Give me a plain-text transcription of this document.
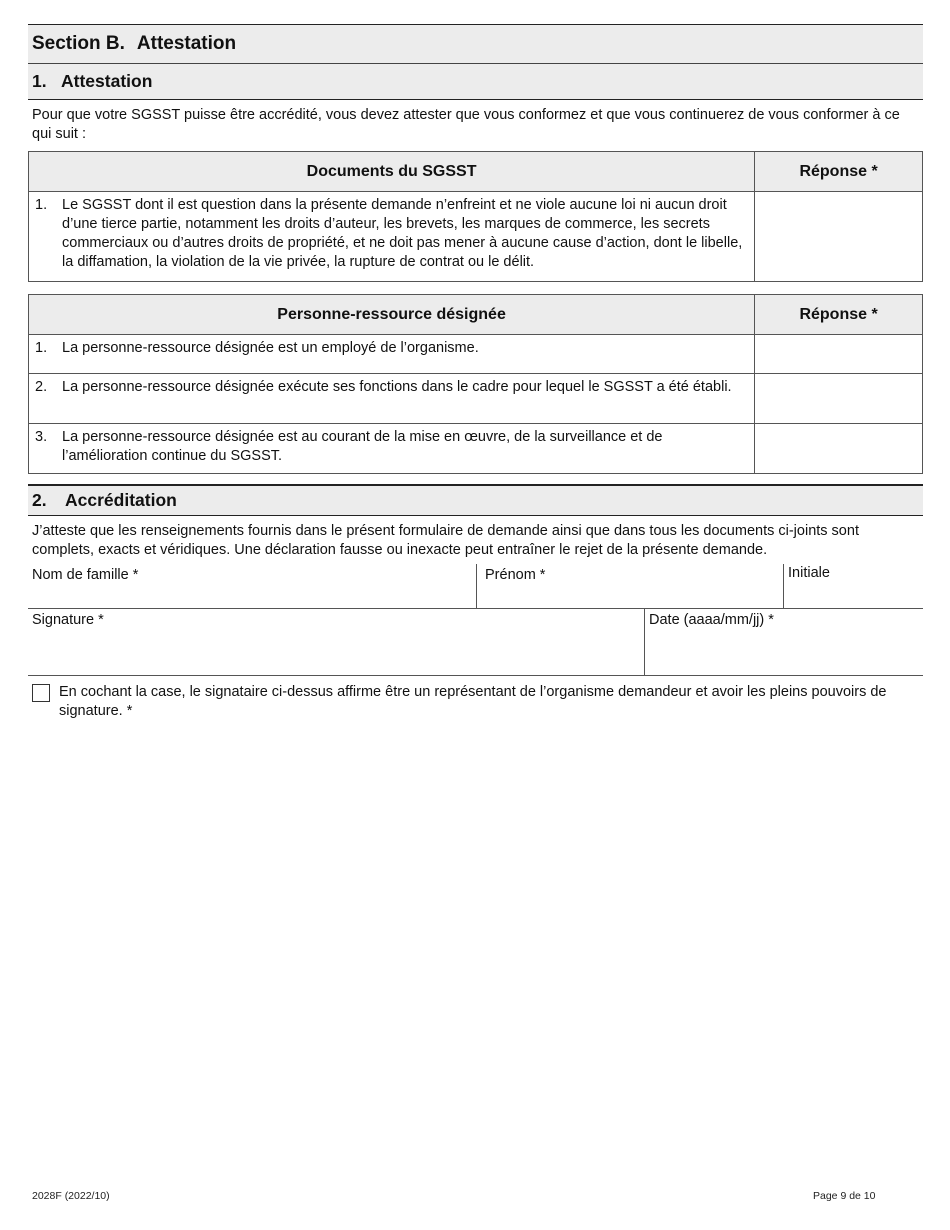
Section B. Attestation
1. Attestation
Pour que votre SGSST puisse être accrédité, vous devez attester que vous conformez et que vous continuerez de vous conformer à ce qui suit :
Documents du SGSST	Réponse *

1. Le SGSST dont il est question dans la présente demande n’enfreint et ne viole aucune loi ni aucun droit d’une tierce partie, notamment les droits d’auteur, les brevets, les marques de commerce, les secrets commerciaux ou d’autres droits de propriété, et ne doit pas mener à aucune cause d’action, dont le libelle, la diffamation, la violation de la vie privée, la rupture de contrat ou le délit.	

Personne-ressource désignée	Réponse *

1. La personne-ressource désignée est un employé de l’organisme.	

2. La personne-ressource désignée exécute ses fonctions dans le cadre pour lequel le SGSST a été établi.	

3. La personne-ressource désignée est au courant de la mise en œuvre, de la surveillance et de l’amélioration continue du SGSST.	

2.	Accréditation
J’atteste que les renseignements fournis dans le présent formulaire de demande ainsi que dans tous les documents ci-joints sont complets, exacts et véridiques. Une déclaration fausse ou inexacte peut entraîner le rejet de la présente demande.
Nom de famille *	Prénom *	Initiale
Signature *	Date (aaaa/mm/jj) *
En cochant la case, le signataire ci-dessus affirme être un représentant de l’organisme demandeur et avoir les pleins pouvoirs de signature. *
2028F (2022/10)	Page 9 de 10
